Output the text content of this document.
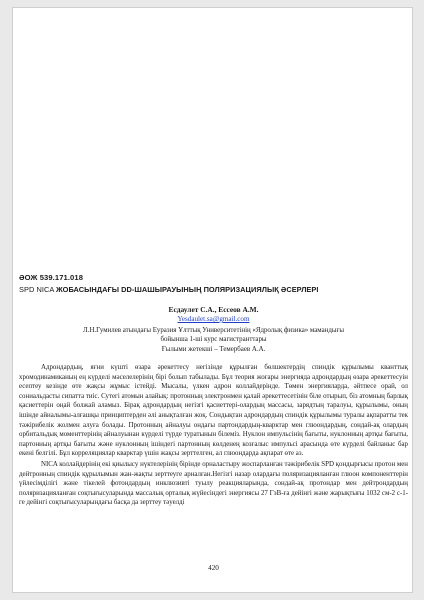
ӘОЖ 539.171.018
SPD NICA ЖОБАСЫНДАҒЫ DD-ШАШЫРАУЫНЫҢ ПОЛЯРИЗАЦИЯЛЫҚ ӘСЕРЛЕРІ
Есдаулет С.А., Ессеов А.М.
Yesdaulet.sa@gmail.com
Л.Н.Гумилев атындағы Еуразия Ұлттық Университетінің «Ядролық физика» мамандығы
бойынша 1-ші курс магистранттары
Ғылыми жетекші – Темербаев А.А.

Адрондардың, яғни күшті өзара әрекеттесу негізінде құрылған бөлшектердің спиндік құрылымы кванттық хромодинамиканың ең күрделі мәселелерінің бірі болып табылады. Бұл теория жоғары энергияда адрондардың өзара әрекеттесуін есептеу кезінде өте жақсы жұмыс істейді. Мысалы, үлкен адрон коллайдерінде. Төмен энергияларда, әйтпесе орай, ол сониальдасты сипатта тиіс. Сутегі атомын алайық: протонның электронмен қалай әрекеттесетінін біле отырып, біз атомның барлық қасиеттерін оңай болжай аламыз. Бірақ адрондардың негізгі қасиеттері-олардың массасы, зарядтың таралуы, құрылымы, оның ішінде айналымы-алғашқы принциптерден әлі анықталған жоқ. Сондықтан адрондардың спиндік құрылымы туралы ақпаратты тек тәжірибелік жолмен алуға болады. Протонның айналуы ондағы партондардың-кварктар мен глюондардың, сондай-ақ олардың орбитальдық моменттерінің айналуынан күрделі түрде туратынын білеміз. Нуклон импульсінің бағыты, нуклонның артқы бағыты, партонның артқы бағыты және нуклонның ішіндегі партонның көлденең козғалыс импульсі арасында өте күрделі байланыс бар екені белгілі. Бұл корреляциялар кварктар үшін жақсы зерттелген, ал глюондарда ақпарат өте аз.

NICA коллайдерінің екі қиылысу нүктелерінің бірінде орналастыру жоспарланған тәжірибелік SPD қондырғысы протон мен дейтронның спиндік құрылымын жан-жақты зерттеуге арналған.Негізгі назар олардағы поляризацияланған глюон компоненттерін үйлесімділігі және тікелей фотондардың инклюзивті туылу реакцияларында, сондай-ақ протондар мен дейтрондардың поляризацияланған соқтығысуларында массалық орталық жүйесіндегі энергиясы 27 ГэВ-ға дейінгі және жарықтығы 1032 см-2 с-1-ге дейінгі соқтығысуларындағы басқа да зерттеу тәуелді

420
